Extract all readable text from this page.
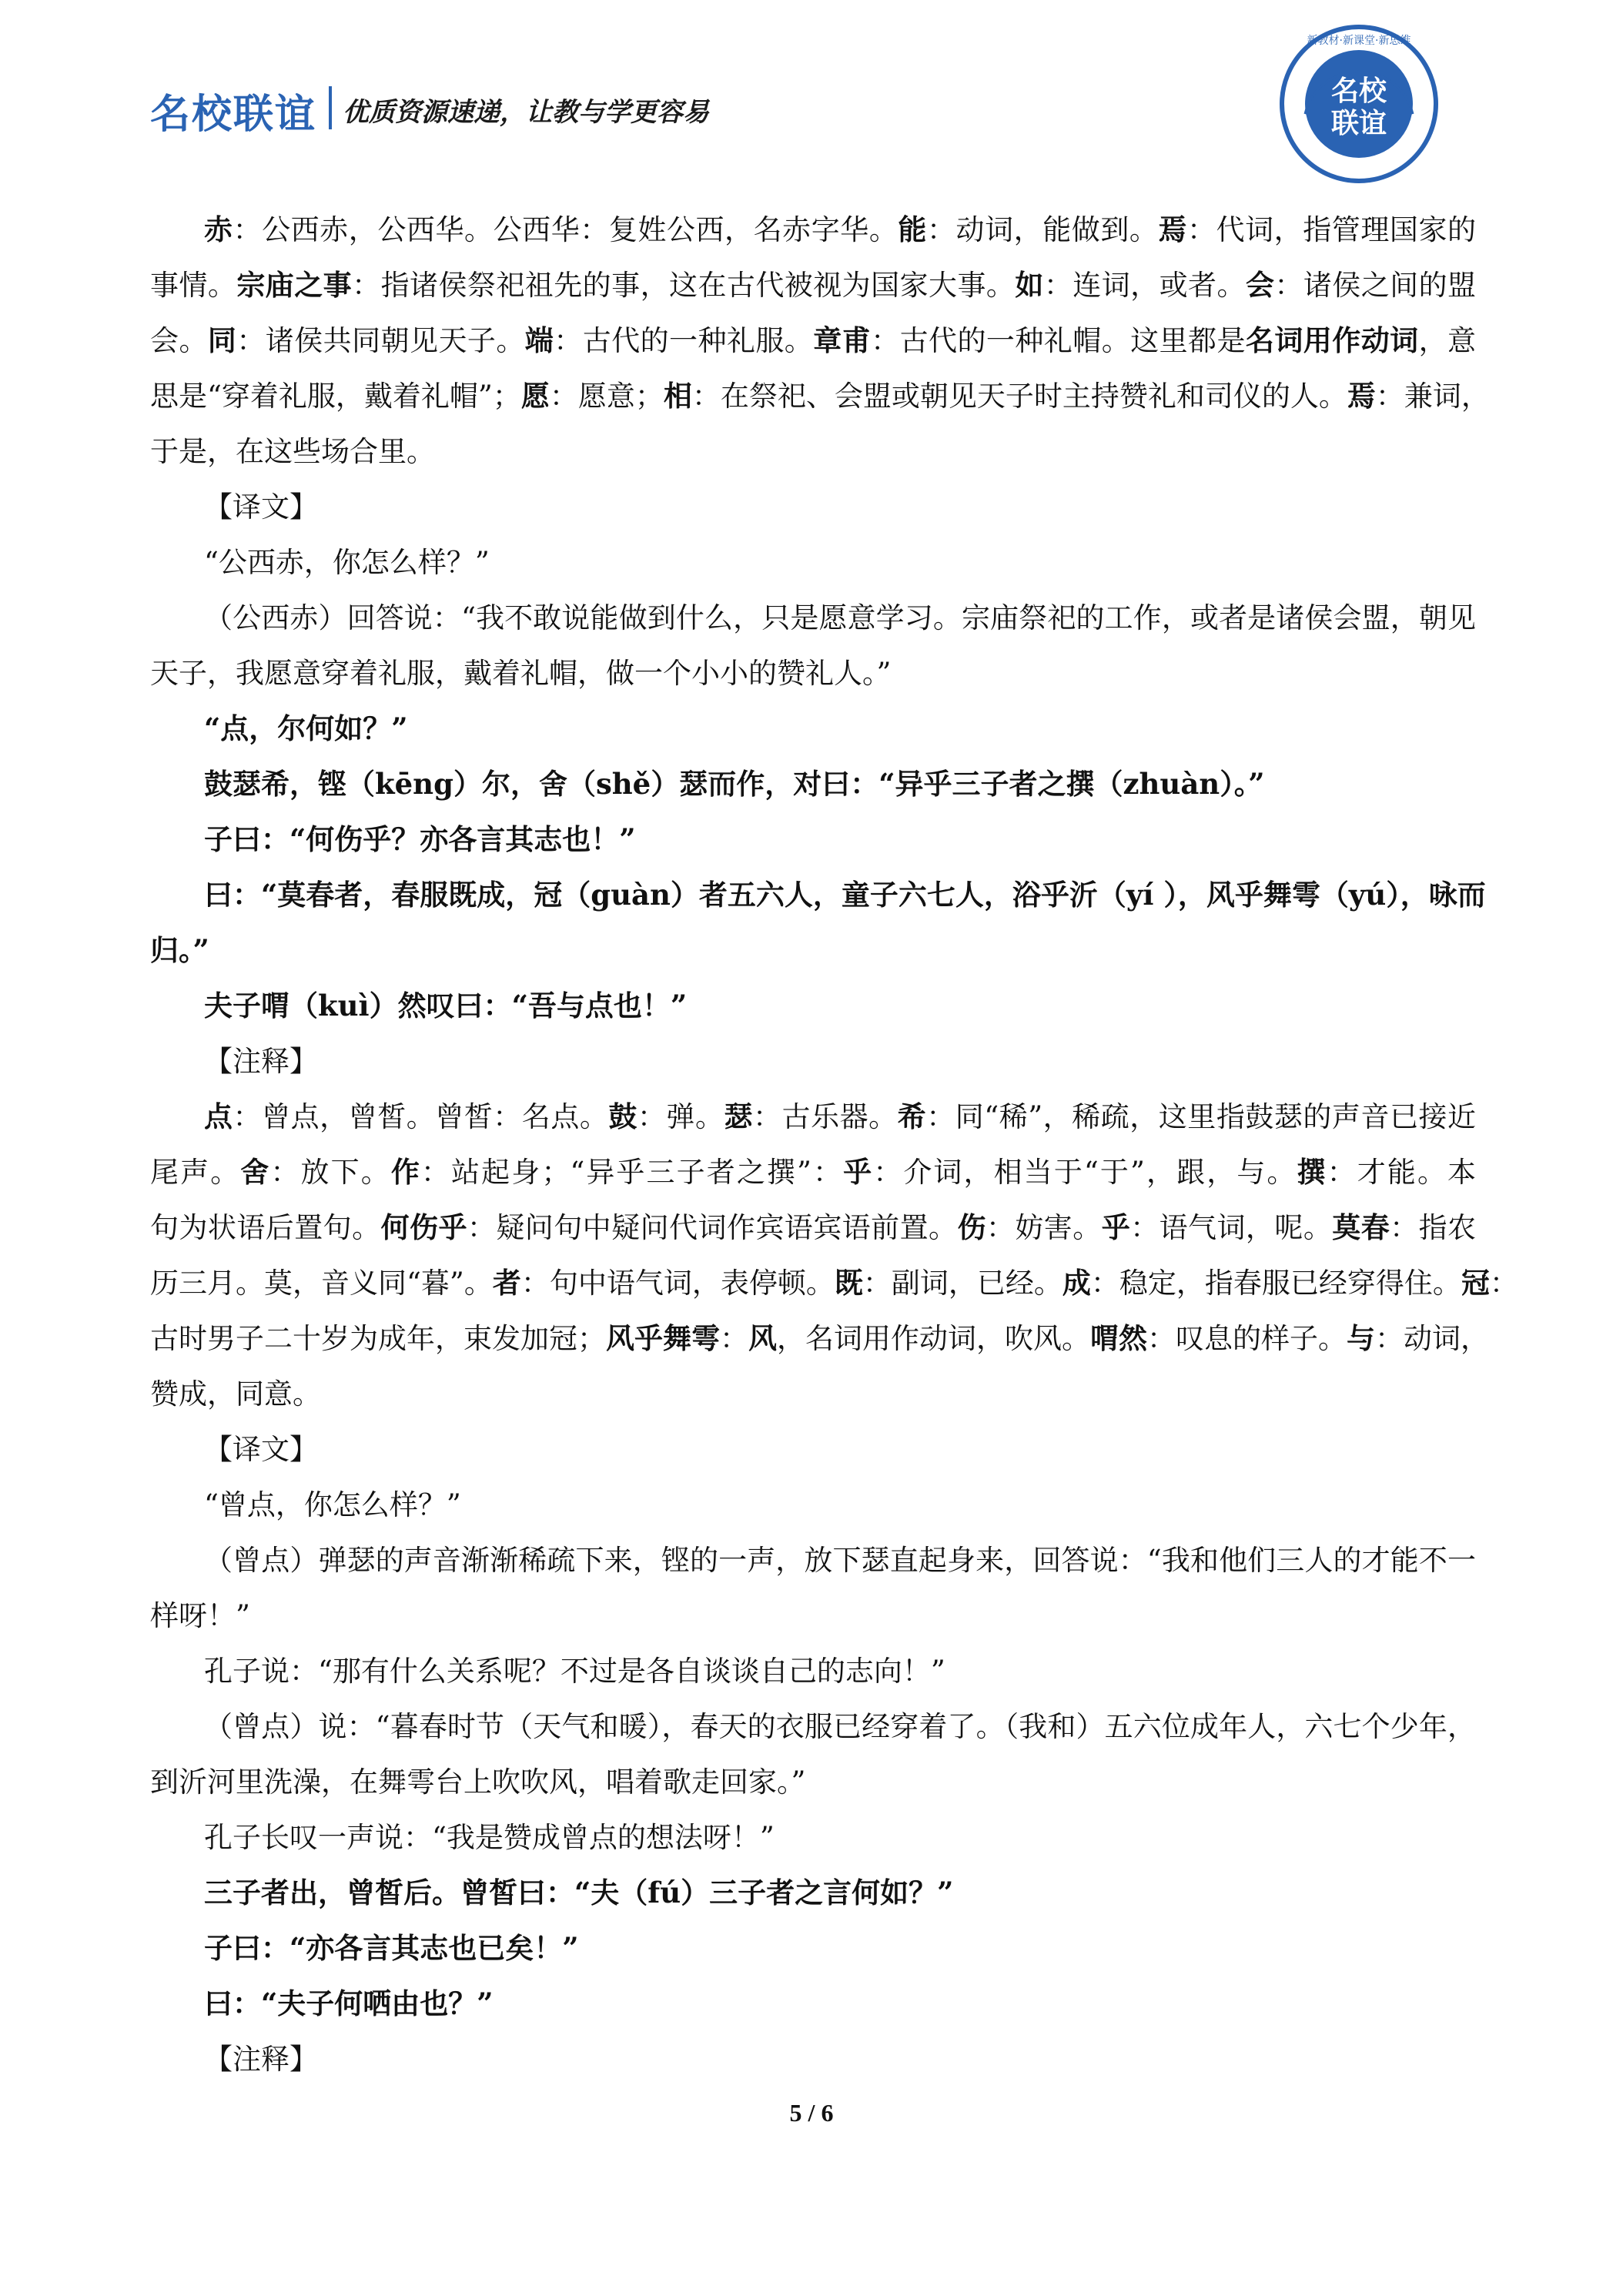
名校联谊 优质资源速递，让教与学更容易
名校
联谊
新教材·新课堂·新思维

赤：公西赤，公西华。公西华：复姓公西，名赤字华。能：动词，能做到。焉：代词，指管理国家的

事情。宗庙之事：指诸侯祭祀祖先的事，这在古代被视为国家大事。如：连词，或者。会：诸侯之间的盟

会。同：诸侯共同朝见天子。端：古代的一种礼服。章甫：古代的一种礼帽。这里都是名词用作动词，意

思是“穿着礼服，戴着礼帽”；愿：愿意；相：在祭祀、会盟或朝见天子时主持赞礼和司仪的人。焉：兼词，

于是，在这些场合里。

【译文】

“公西赤，你怎么样？”

（公西赤）回答说：“我不敢说能做到什么，只是愿意学习。宗庙祭祀的工作，或者是诸侯会盟，朝见

天子，我愿意穿着礼服，戴着礼帽，做一个小小的赞礼人。”

“点，尔何如？”

鼓瑟希，铿（kēng）尔，舍（shě）瑟而作，对曰：“异乎三子者之撰（zhuàn）。”

子曰：“何伤乎？亦各言其志也！”

曰：“莫春者，春服既成，冠（guàn）者五六人，童子六七人，浴乎沂（yí ），风乎舞雩（yú），咏而

归。”

夫子喟（kuì）然叹曰：“吾与点也！”

【注释】

点：曾点，曾皙。曾皙：名点。鼓：弹。瑟：古乐器。希：同“稀”，稀疏，这里指鼓瑟的声音已接近

尾声。舍：放下。作：站起身；“异乎三子者之撰”：乎：介词，相当于“于”，跟，与。撰：才能。本

句为状语后置句。何伤乎：疑问句中疑问代词作宾语宾语前置。伤：妨害。乎：语气词，呢。莫春：指农

历三月。莫，音义同“暮”。者：句中语气词，表停顿。既：副词，已经。成：稳定，指春服已经穿得住。冠：

古时男子二十岁为成年，束发加冠；风乎舞雩：风，名词用作动词，吹风。喟然：叹息的样子。与：动词，

赞成，同意。

【译文】

“曾点，你怎么样？”

（曾点）弹瑟的声音渐渐稀疏下来，铿的一声，放下瑟直起身来，回答说：“我和他们三人的才能不一

样呀！”

孔子说：“那有什么关系呢？不过是各自谈谈自己的志向！”

（曾点）说：“暮春时节（天气和暖），春天的衣服已经穿着了。（我和）五六位成年人，六七个少年，

到沂河里洗澡，在舞雩台上吹吹风，唱着歌走回家。”

孔子长叹一声说：“我是赞成曾点的想法呀！”

三子者出，曾皙后。曾皙曰：“夫（fú）三子者之言何如？”

子曰：“亦各言其志也已矣！”

曰：“夫子何哂由也？”

【注释】

5 / 6
